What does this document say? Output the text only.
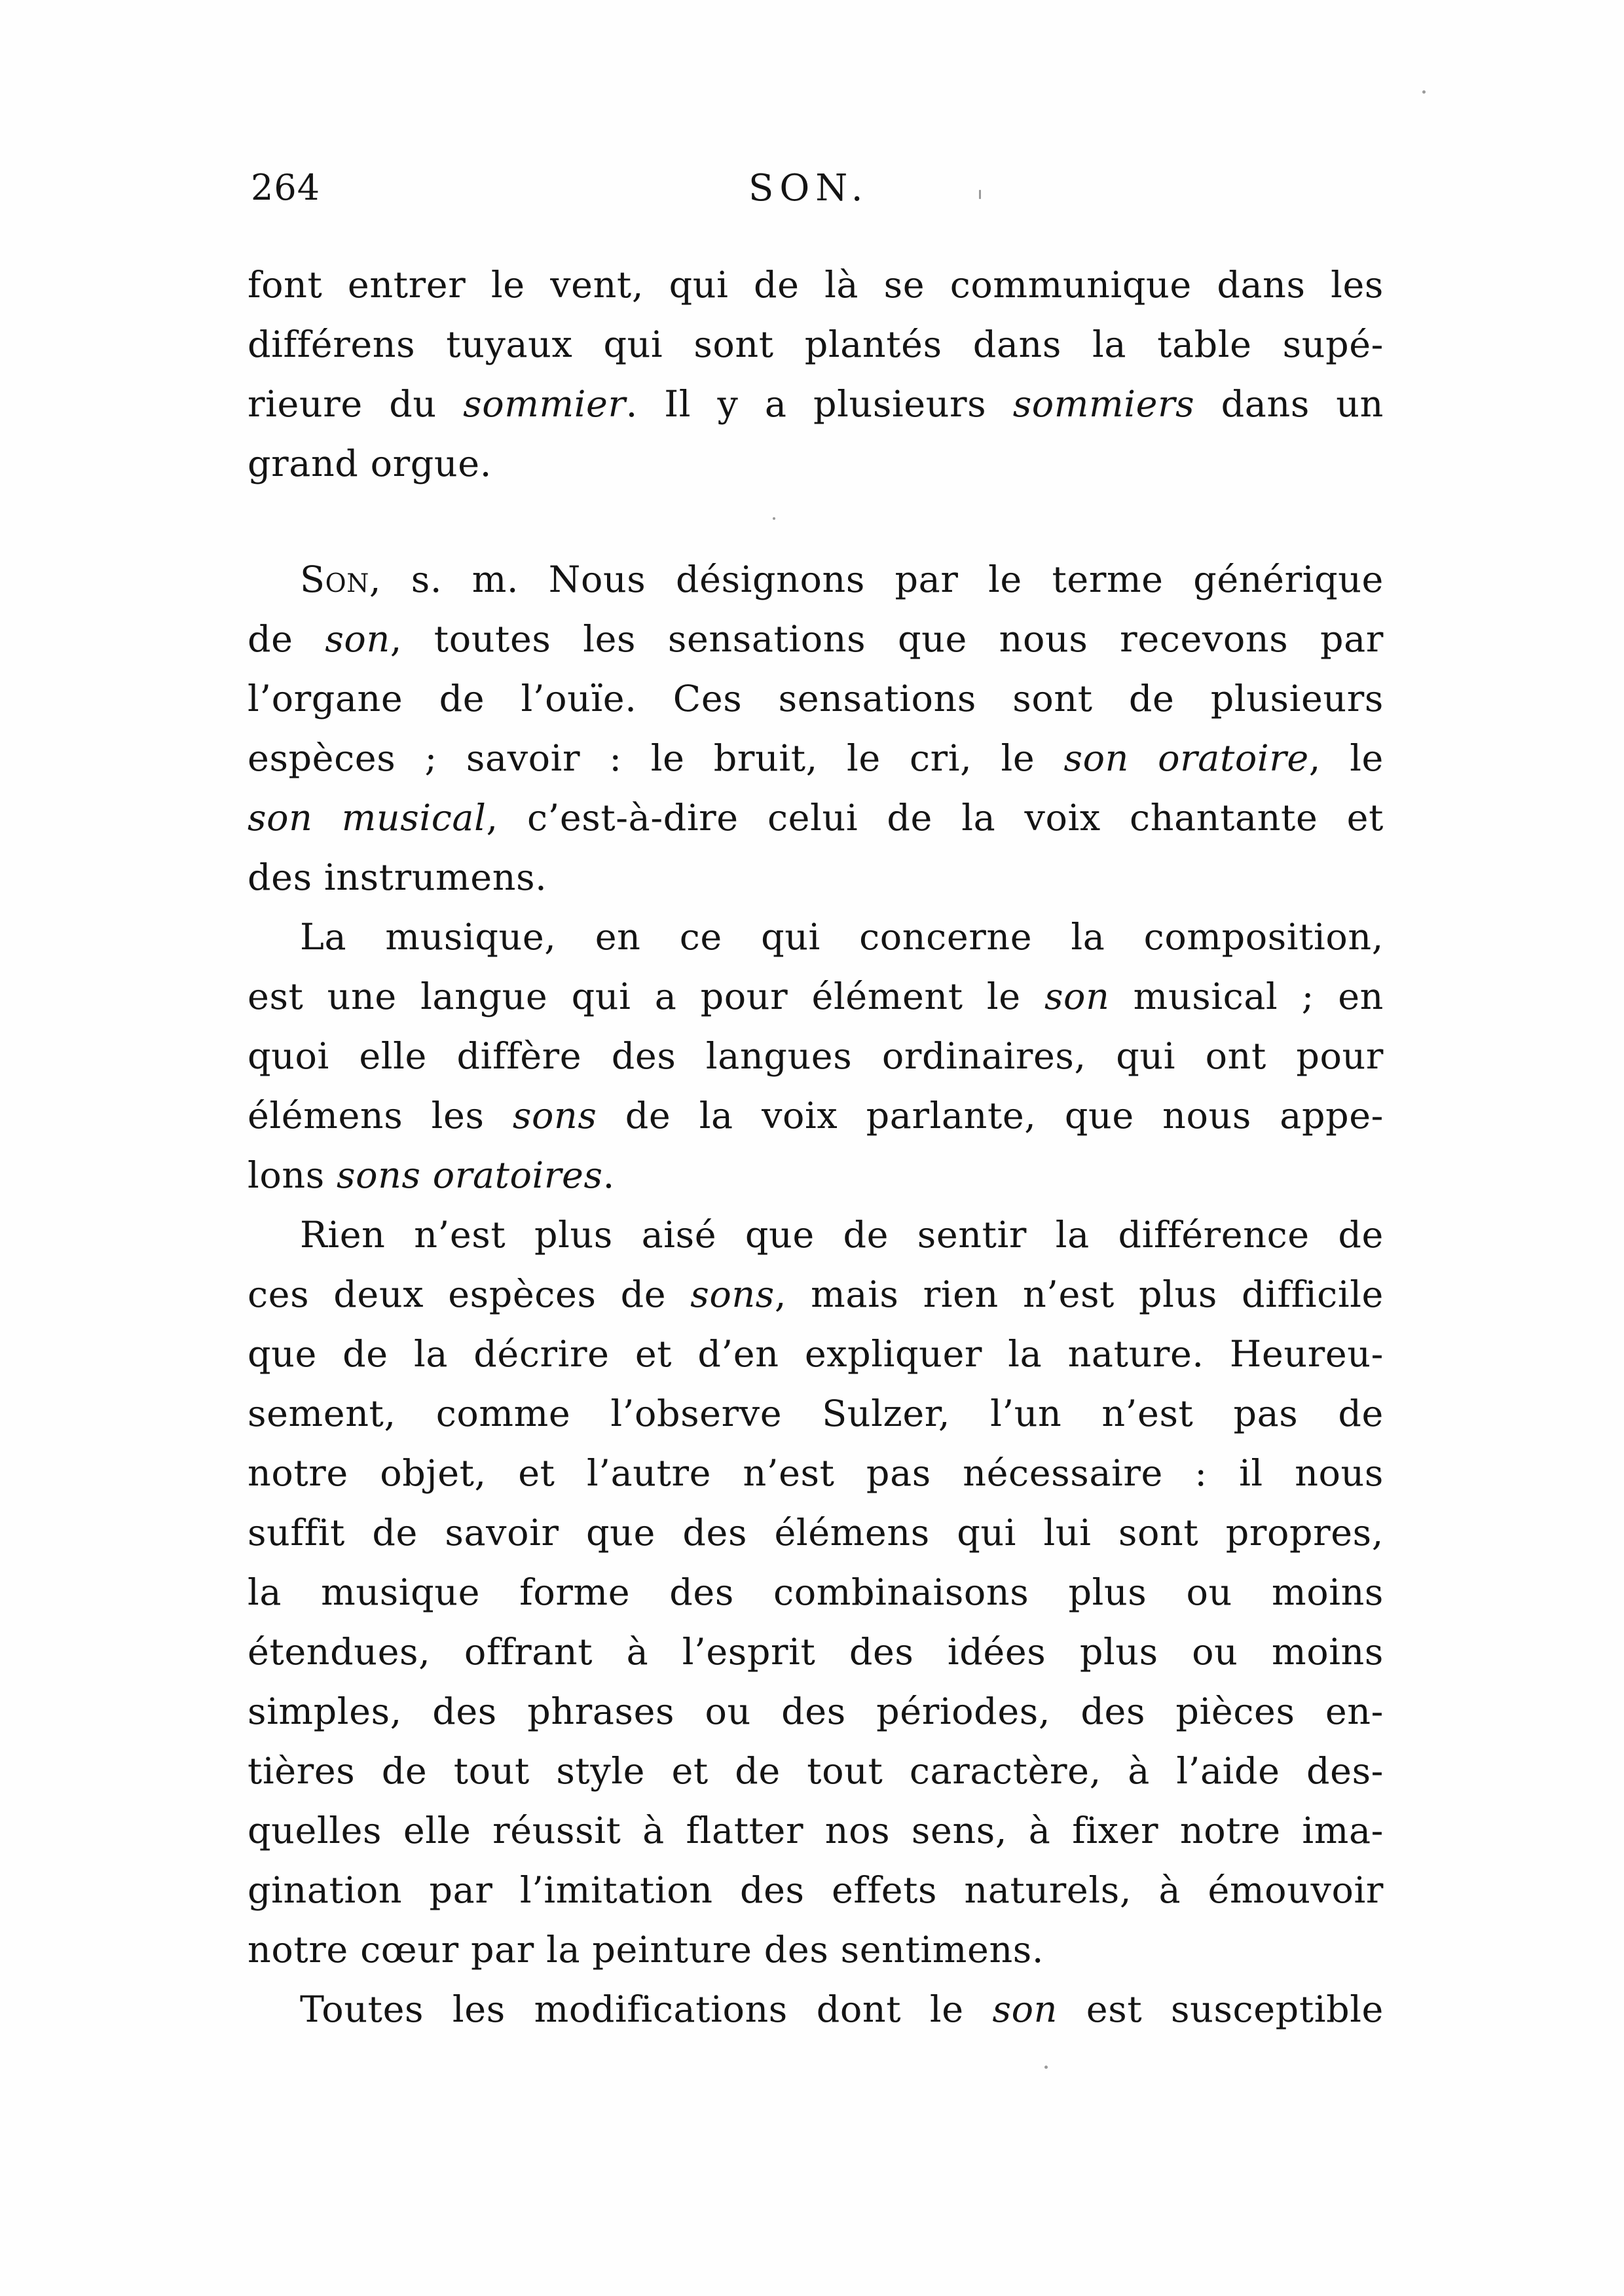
264	SON.
font entrer le vent, qui de là se communique dans les
différens tuyaux qui sont plantés dans la table supé-
rieure du sommier. Il y a plusieurs sommiers dans un
grand orgue.
Son, s. m. Nous désignons par le terme générique
de son, toutes les sensations que nous recevons par
l’organe de l’ouïe. Ces sensations sont de plusieurs
espèces ; savoir : le bruit, le cri, le son oratoire, le
son musical, c’est-à-dire celui de la voix chantante et
des instrumens.
La musique, en ce qui concerne la composition,
est une langue qui a pour élément le son musical ; en
quoi elle diffère des langues ordinaires, qui ont pour
élémens les sons de la voix parlante, que nous appe-
lons sons oratoires.
Rien n’est plus aisé que de sentir la différence de
ces deux espèces de sons, mais rien n’est plus difficile
que de la décrire et d’en expliquer la nature. Heureu-
sement, comme l’observe Sulzer, l’un n’est pas de
notre objet, et l’autre n’est pas nécessaire : il nous
suffit de savoir que des élémens qui lui sont propres,
la musique forme des combinaisons plus ou moins
étendues, offrant à l’esprit des idées plus ou moins
simples, des phrases ou des périodes, des pièces en-
tières de tout style et de tout caractère, à l’aide des-
quelles elle réussit à flatter nos sens, à fixer notre ima-
gination par l’imitation des effets naturels, à émouvoir
notre cœur par la peinture des sentimens.
Toutes les modifications dont le son est susceptible
